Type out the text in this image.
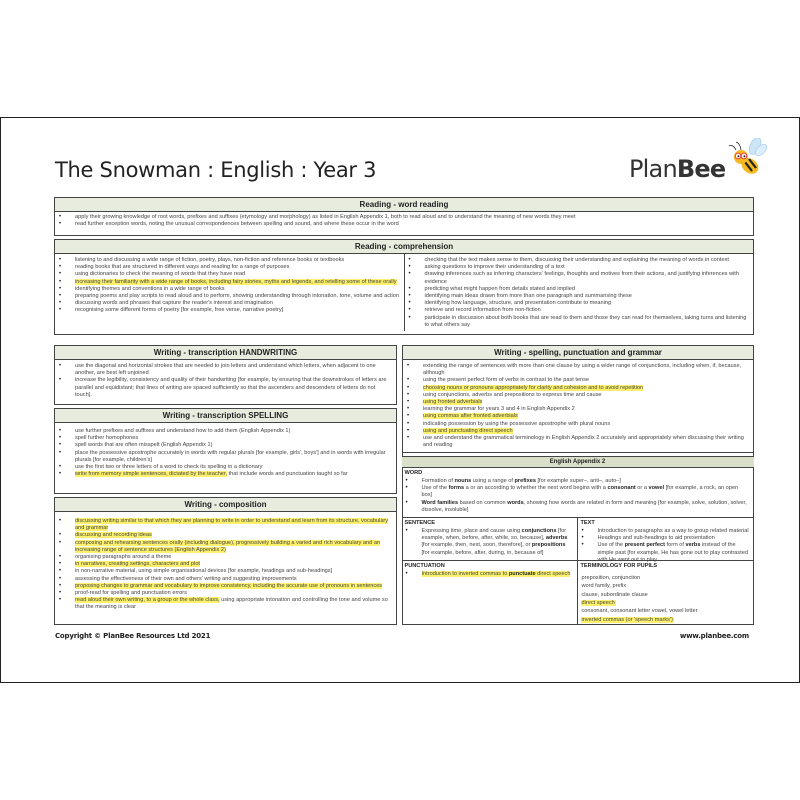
The Snowman : English : Year 3	PlanBee
Reading - word reading
• apply their growing knowledge of root words, prefixes and suffixes (etymology and morphology) as listed in English Appendix 1, both to read aloud and to understand the meaning of new words they meet
• read further exception words, noting the unusual correspondences between spelling and sound, and where these occur in the word
Reading - comprehension
• listening to and discussing a wide range of fiction, poetry, plays, non-fiction and reference books or textbooks
• reading books that are structured in different ways and reading for a range of purposes
• using dictionaries to check the meaning of words that they have read
• increasing their familiarity with a wide range of books, including fairy stories, myths and legends, and retelling some of these orally
• identifying themes and conventions in a wide range of books
• preparing poems and play scripts to read aloud and to perform, showing understanding through intonation, tone, volume and action
• discussing words and phrases that capture the reader's interest and imagination
• recognising some different forms of poetry [for example, free verse, narrative poetry]
• checking that the text makes sense to them, discussing their understanding and explaining the meaning of words in context
• asking questions to improve their understanding of a text
• drawing inferences such as inferring characters' feelings, thoughts and motives from their actions, and justifying inferences with evidence
• predicting what might happen from details stated and implied
• identifying main ideas drawn from more than one paragraph and summarising these
• identifying how language, structure, and presentation contribute to meaning
• retrieve and record information from non-fiction
• participate in discussion about both books that are read to them and those they can read for themselves, taking turns and listening to what others say
Writing - transcription HANDWRITING
• use the diagonal and horizontal strokes that are needed to join letters and understand which letters, when adjacent to one another, are best left unjoined
• increase the legibility, consistency and quality of their handwriting [for example, by ensuring that the downstrokes of letters are parallel and equidistant; that lines of writing are spaced sufficiently so that the ascenders and descenders of letters do not touch].
Writing - transcription SPELLING
• use further prefixes and suffixes and understand how to add them (English Appendix 1)
• spell further homophones
• spell words that are often misspelt (English Appendix 1)
• place the possessive apostrophe accurately in words with regular plurals [for example, girls', boys'] and in words with irregular plurals [for example, children's]
• use the first two or three letters of a word to check its spelling in a dictionary
• write from memory simple sentences, dictated by the teacher, that include words and punctuation taught so far
Writing - composition
• discussing writing similar to that which they are planning to write in order to understand and learn from its structure, vocabulary and grammar
• discussing and recording ideas
• composing and rehearsing sentences orally (including dialogue), progressively building a varied and rich vocabulary and an increasing range of sentence structures (English Appendix 2)
• organising paragraphs around a theme
• in narratives, creating settings, characters and plot
• in non-narrative material, using simple organisational devices [for example, headings and sub-headings]
• assessing the effectiveness of their own and others' writing and suggesting improvements
• proposing changes to grammar and vocabulary to improve consistency, including the accurate use of pronouns in sentences
• proof-read for spelling and punctuation errors
• read aloud their own writing, to a group or the whole class, using appropriate intonation and controlling the tone and volume so that the meaning is clear
Writing - spelling, punctuation and grammar
• extending the range of sentences with more than one clause by using a wider range of conjunctions, including when, if, because, although
• using the present perfect form of verbs in contrast to the past tense
• choosing nouns or pronouns appropriately for clarity and cohesion and to avoid repetition
• using conjunctions, adverbs and prepositions to express time and cause
• using fronted adverbials
• learning the grammar for years 3 and 4 in English Appendix 2
• using commas after fronted adverbials
• indicating possession by using the possessive apostrophe with plural nouns
• using and punctuating direct speech
• use and understand the grammatical terminology in English Appendix 2 accurately and appropriately when discussing their writing and reading
English Appendix 2
WORD
• Formation of nouns using a range of prefixes [for example super–, anti–, auto–]
• Use of the forms a or an according to whether the next word begins with a consonant or a vowel [for example, a rock, an open box]
• Word families based on common words, showing how words are related in form and meaning [for example, solve, solution, solver, dissolve, insoluble]
SENTENCE
• Expressing time, place and cause using conjunctions [for example, when, before, after, while, so, because], adverbs [for example, then, next, soon, therefore], or prepositions [for example, before, after, during, in, because of]
TEXT
• Introduction to paragraphs as a way to group related material
• Headings and sub-headings to aid presentation
• Use of the present perfect form of verbs instead of the simple past [for example, He has gone out to play contrasted with He went out to play
PUNCTUATION
• Introduction to inverted commas to punctuate direct speech
TERMINOLOGY FOR PUPILS
preposition, conjunction
word family, prefix
clause, subordinate clause
direct speech
consonant, consonant letter vowel, vowel letter
inverted commas (or 'speech marks')
Copyright © PlanBee Resources Ltd 2021	www.planbee.com
